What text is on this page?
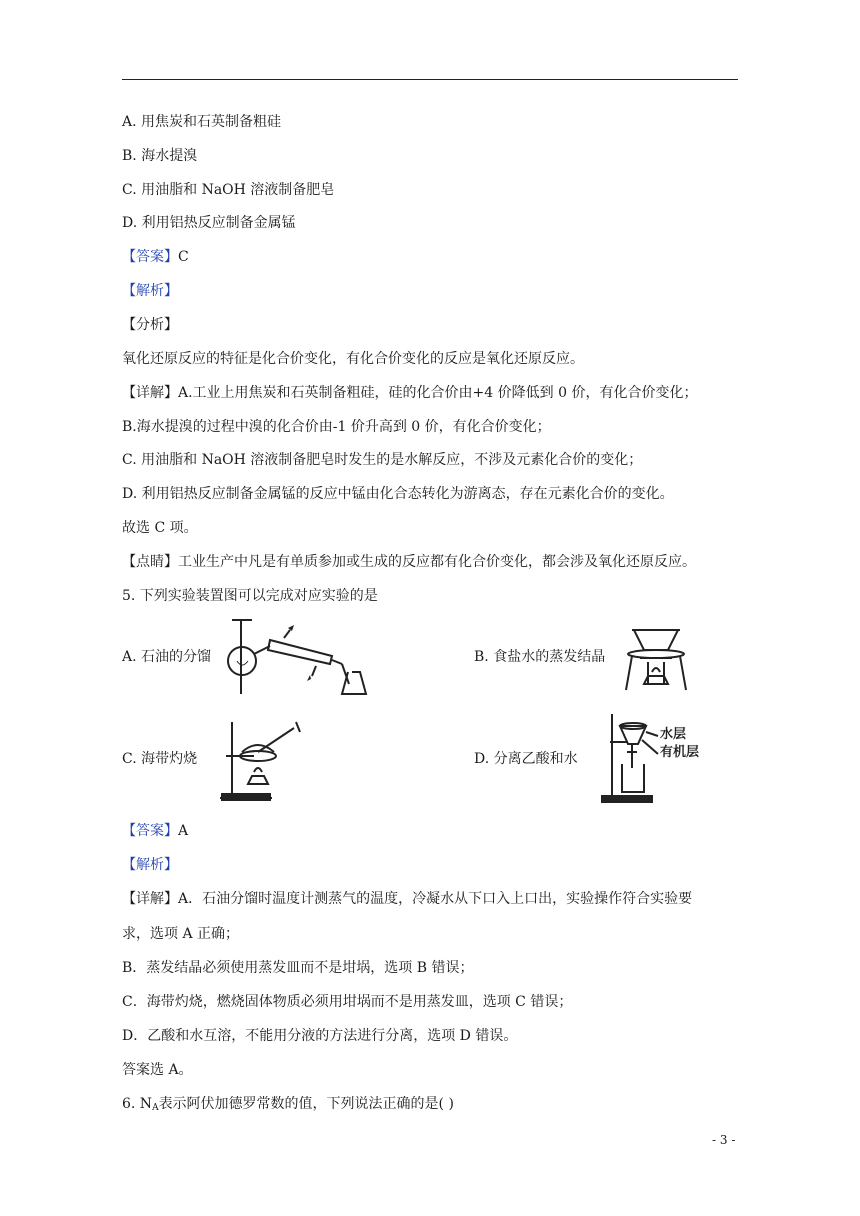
A. 用焦炭和石英制备粗硅
B. 海水提溴
C. 用油脂和 NaOH 溶液制备肥皂
D. 利用铝热反应制备金属锰
【答案】C
【解析】
【分析】
氧化还原反应的特征是化合价变化，有化合价变化的反应是氧化还原反应。
【详解】A.工业上用焦炭和石英制备粗硅，硅的化合价由+4 价降低到 0 价，有化合价变化；
B.海水提溴的过程中溴的化合价由-1 价升高到 0 价，有化合价变化；
C. 用油脂和 NaOH 溶液制备肥皂时发生的是水解反应，不涉及元素化合价的变化；
D. 利用铝热反应制备金属锰的反应中锰由化合态转化为游离态，存在元素化合价的变化。
故选 C 项。
【点睛】工业生产中凡是有单质参加或生成的反应都有化合价变化，都会涉及氧化还原反应。
5. 下列实验装置图可以完成对应实验的是
A. 石油的分馏	B. 食盐水的蒸发结晶
C. 海带灼烧	D. 分离乙酸和水
水层
有机层
【答案】A
【解析】
【详解】A．石油分馏时温度计测蒸气的温度，冷凝水从下口入上口出，实验操作符合实验要
求，选项 A 正确；
B．蒸发结晶必须使用蒸发皿而不是坩埚，选项 B 错误；
C．海带灼烧，燃烧固体物质必须用坩埚而不是用蒸发皿，选项 C 错误；
D．乙酸和水互溶，不能用分液的方法进行分离，选项 D 错误。
答案选 A。
6. $N_A$表示阿伏加德罗常数的值，下列说法正确的是( )
- 3 -
